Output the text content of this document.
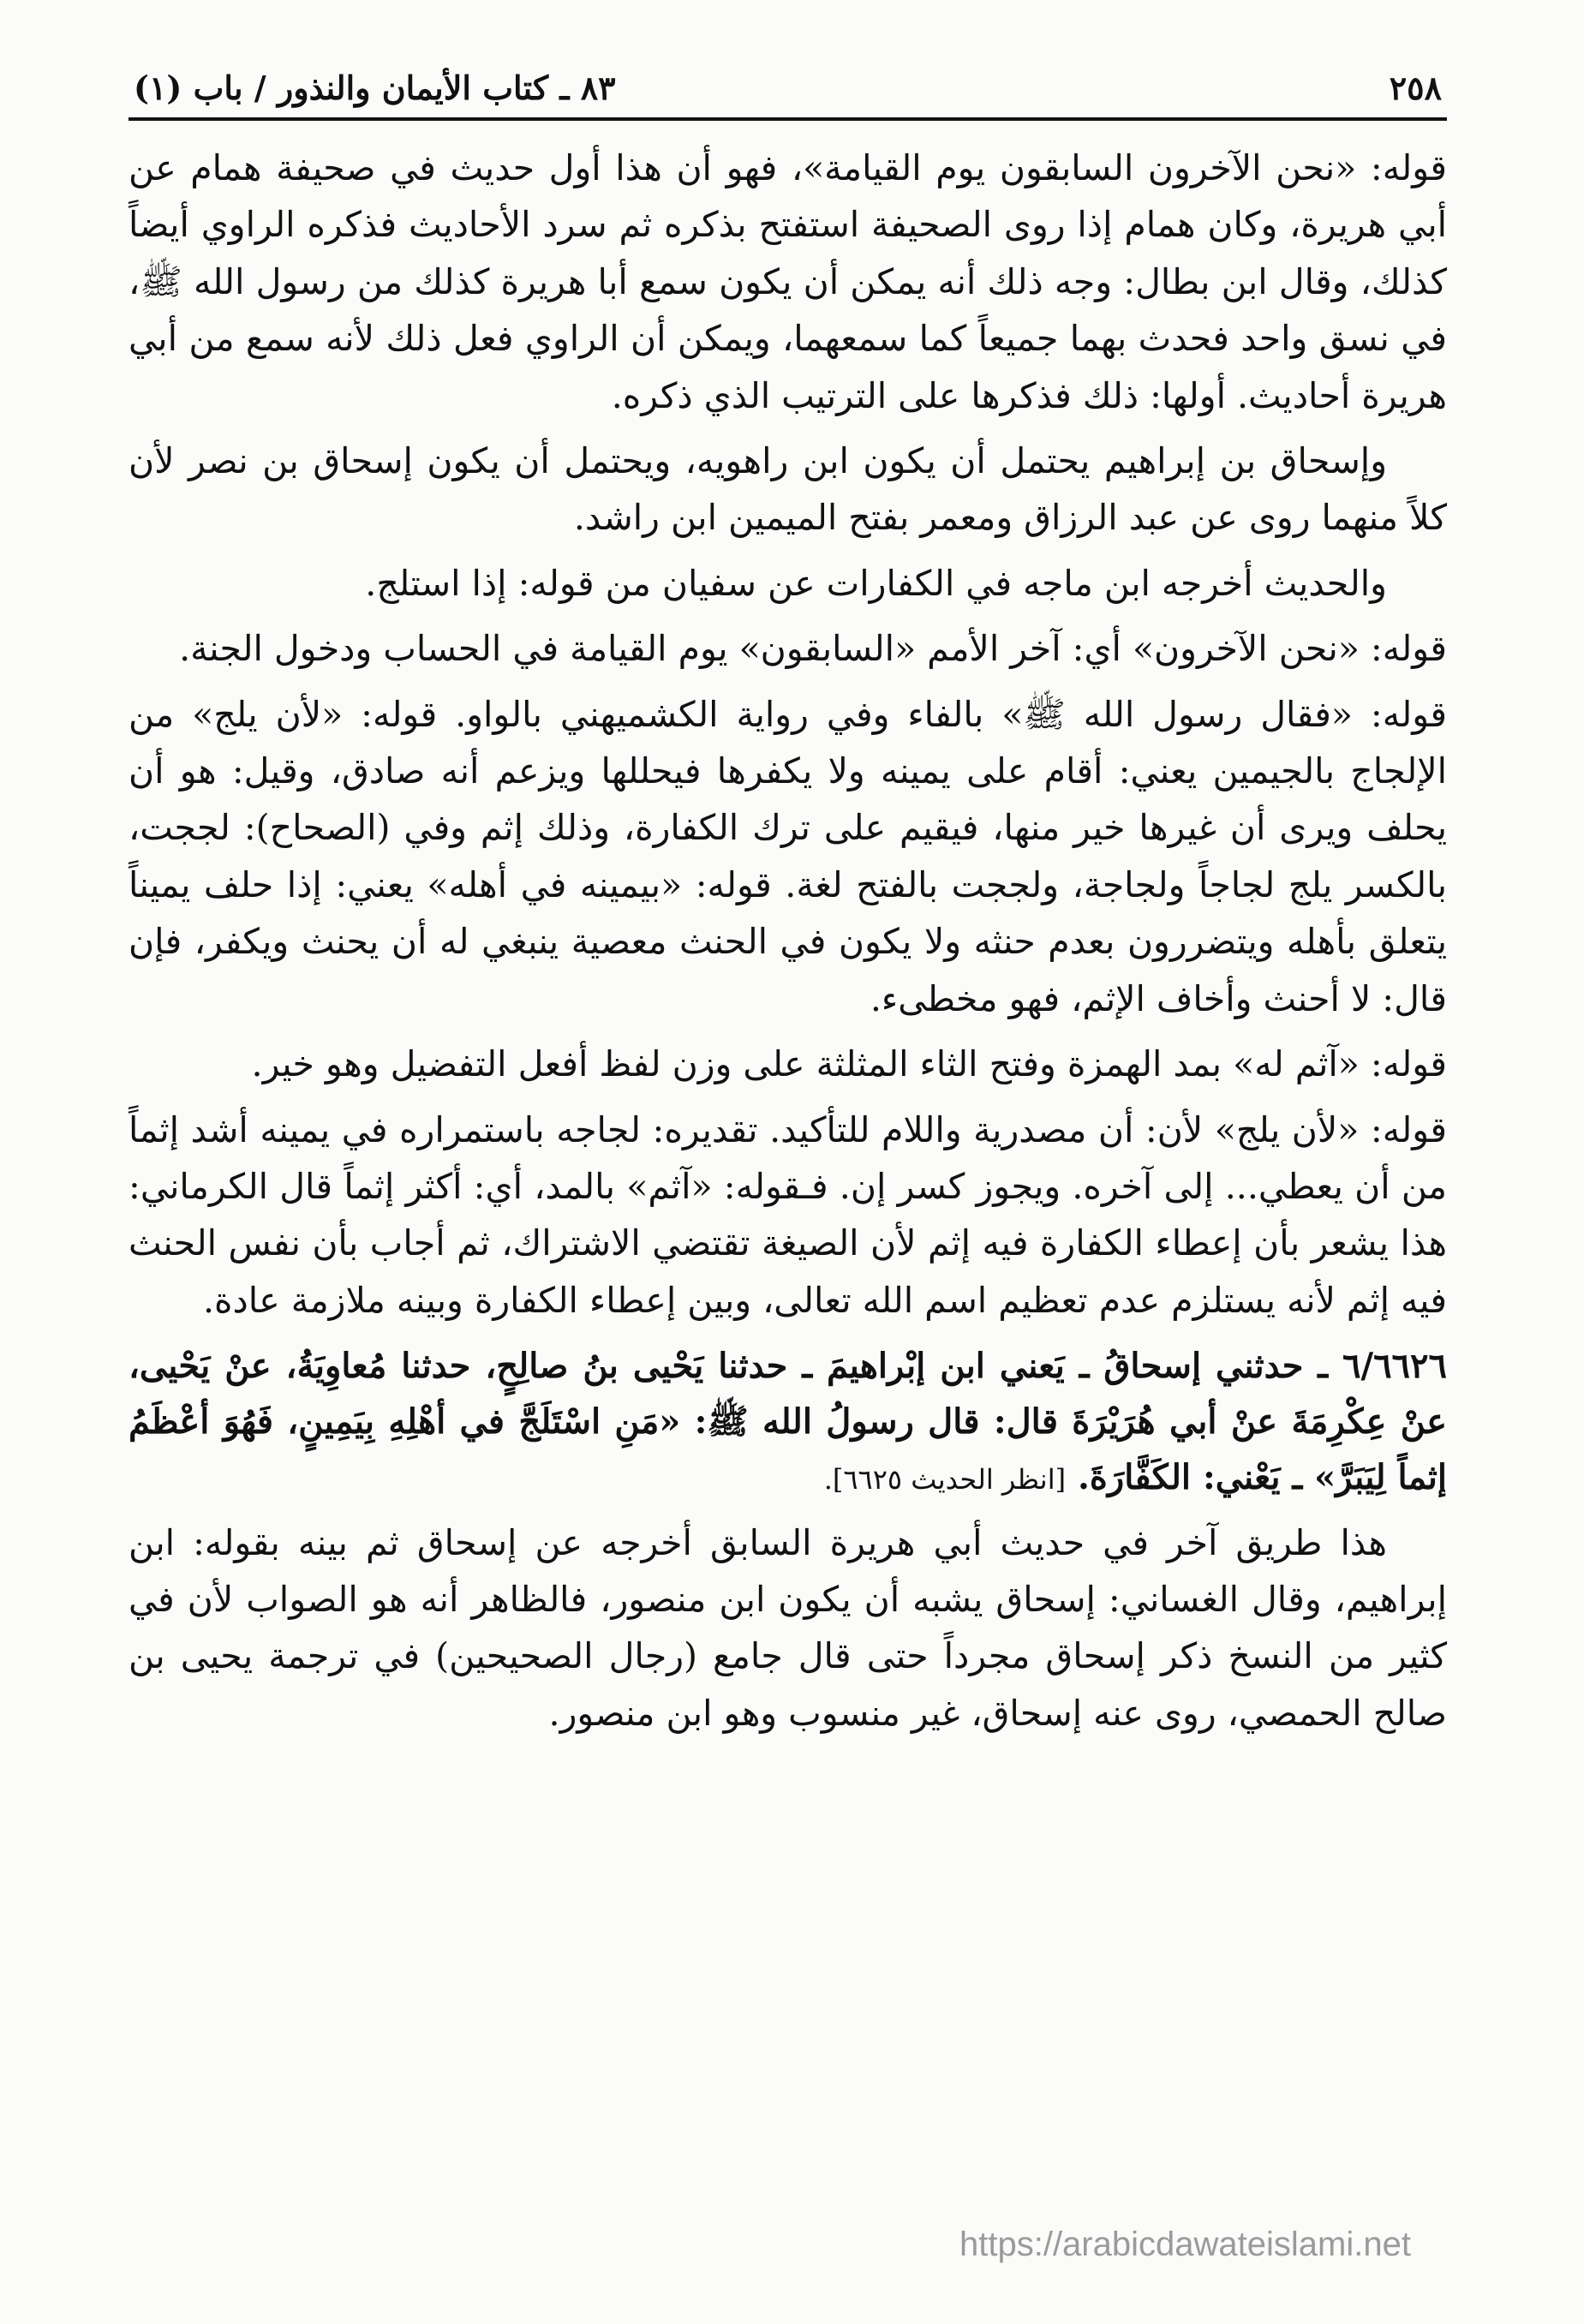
٢٥٨
٨٣ ـ كتاب الأيمان والنذور / باب (١)

قوله: «نحن الآخرون السابقون يوم القيامة»، فهو أن هذا أول حديث في صحيفة همام عن أبي هريرة، وكان همام إذا روى الصحيفة استفتح بذكره ثم سرد الأحاديث فذكره الراوي أيضاً كذلك، وقال ابن بطال: وجه ذلك أنه يمكن أن يكون سمع أبا هريرة كذلك من رسول الله ﷺ، في نسق واحد فحدث بهما جميعاً كما سمعهما، ويمكن أن الراوي فعل ذلك لأنه سمع من أبي هريرة أحاديث. أولها: ذلك فذكرها على الترتيب الذي ذكره.

وإسحاق بن إبراهيم يحتمل أن يكون ابن راهويه، ويحتمل أن يكون إسحاق بن نصر لأن كلاً منهما روى عن عبد الرزاق ومعمر بفتح الميمين ابن راشد.

والحديث أخرجه ابن ماجه في الكفارات عن سفيان من قوله: إذا استلج.

قوله: «نحن الآخرون» أي: آخر الأمم «السابقون» يوم القيامة في الحساب ودخول الجنة.

قوله: «فقال رسول الله ﷺ» بالفاء وفي رواية الكشميهني بالواو. قوله: «لأن يلج» من الإلجاج بالجيمين يعني: أقام على يمينه ولا يكفرها فيحللها ويزعم أنه صادق، وقيل: هو أن يحلف ويرى أن غيرها خير منها، فيقيم على ترك الكفارة، وذلك إثم وفي (الصحاح): لججت، بالكسر يلج لجاجاً ولجاجة، ولججت بالفتح لغة. قوله: «بيمينه في أهله» يعني: إذا حلف يميناً يتعلق بأهله ويتضررون بعدم حنثه ولا يكون في الحنث معصية ينبغي له أن يحنث ويكفر، فإن قال: لا أحنث وأخاف الإثم، فهو مخطىء.

قوله: «آثم له» بمد الهمزة وفتح الثاء المثلثة على وزن لفظ أفعل التفضيل وهو خير.

قوله: «لأن يلج» لأن: أن مصدرية واللام للتأكيد. تقديره: لجاجه باستمراره في يمينه أشد إثماً من أن يعطي... إلى آخره. ويجوز كسر إن. فـقوله: «آثم» بالمد، أي: أكثر إثماً قال الكرماني: هذا يشعر بأن إعطاء الكفارة فيه إثم لأن الصيغة تقتضي الاشتراك، ثم أجاب بأن نفس الحنث فيه إثم لأنه يستلزم عدم تعظيم اسم الله تعالى، وبين إعطاء الكفارة وبينه ملازمة عادة.

٦/٦٦٢٦ ـ حدثني إسحاقُ ـ يَعني ابن إبْراهيمَ ـ حدثنا يَحْيى بنُ صالِحٍ، حدثنا مُعاوِيَةُ، عنْ يَحْيى، عنْ عِكْرِمَةَ عنْ أبي هُرَيْرَةَ قال: قال رسولُ الله ﷺ: «مَنِ اسْتَلَجَّ في أهْلِهِ بِيَمِينٍ، فَهُوَ أعْظَمُ إثماً لِيَبَرَّ» ـ يَعْني: الكَفَّارَةَ. [انظر الحديث ٦٦٢٥].

هذا طريق آخر في حديث أبي هريرة السابق أخرجه عن إسحاق ثم بينه بقوله: ابن إبراهيم، وقال الغساني: إسحاق يشبه أن يكون ابن منصور، فالظاهر أنه هو الصواب لأن في كثير من النسخ ذكر إسحاق مجرداً حتى قال جامع (رجال الصحيحين) في ترجمة يحيى بن صالح الحمصي، روى عنه إسحاق، غير منسوب وهو ابن منصور.

https://arabicdawateislami.net
